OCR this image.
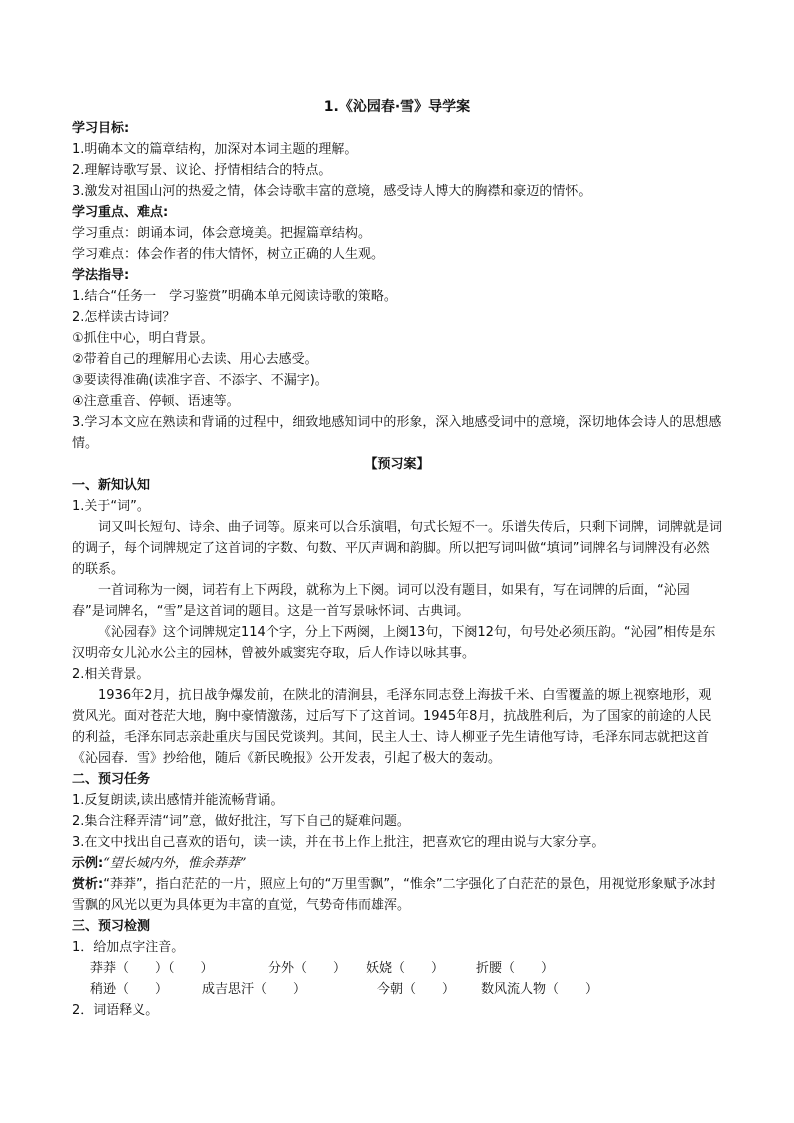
1.《沁园春·雪》导学案

学习目标:

1.明确本文的篇章结构，加深对本词主题的理解。

2.理解诗歌写景、议论、抒情相结合的特点。

3.激发对祖国山河的热爱之情，体会诗歌丰富的意境，感受诗人博大的胸襟和豪迈的情怀。

学习重点、难点:

学习重点：朗诵本词，体会意境美。把握篇章结构。

学习难点：体会作者的伟大情怀，树立正确的人生观。

学法指导:

1.结合“任务一　学习鉴赏”明确本单元阅读诗歌的策略。

2.怎样读古诗词？

①抓住中心，明白背景。

②带着自己的理解用心去读、用心去感受。

③要读得准确(读准字音、不添字、不漏字)。

④注意重音、停顿、语速等。

3.学习本文应在熟读和背诵的过程中，细致地感知词中的形象，深入地感受词中的意境，深切地体会诗人的思想感情。

【预习案】

一、新知认知

1.关于“词”。

词又叫长短句、诗余、曲子词等。原来可以合乐演唱，句式长短不一。乐谱失传后，只剩下词牌，词牌就是词的调子，每个词牌规定了这首词的字数、句数、平仄声调和韵脚。所以把写词叫做“填词”词牌名与词牌没有必然的联系。

一首词称为一阕，词若有上下两段，就称为上下阕。词可以没有题目，如果有，写在词牌的后面，“沁园春”是词牌名，“雪”是这首词的题目。这是一首写景咏怀词、古典词。

《沁园春》这个词牌规定114个字，分上下两阕，上阕13句，下阕12句，句号处必须压韵。“沁园”相传是东汉明帝女儿沁水公主的园林，曾被外戚窦宪夺取，后人作诗以咏其事。

2.相关背景。

1936年2月，抗日战争爆发前，在陕北的清涧县，毛泽东同志登上海拔千米、白雪覆盖的塬上视察地形，观赏风光。面对苍茫大地，胸中豪情激荡，过后写下了这首词。1945年8月，抗战胜利后，为了国家的前途的人民的利益，毛泽东同志亲赴重庆与国民党谈判。其间，民主人士、诗人柳亚子先生请他写诗，毛泽东同志就把这首《沁园春．雪》抄给他，随后《新民晚报》公开发表，引起了极大的轰动。

二、预习任务

1.反复朗读,读出感情并能流畅背诵。

2.集合注释弄清“词”意，做好批注，写下自己的疑难问题。

3.在文中找出自己喜欢的语句，读一读，并在书上作上批注，把喜欢它的理由说与大家分享。

示例:“望长城内外，惟余莽莽”

赏析:“莽莽”，指白茫茫的一片，照应上句的“万里雪飘”，“惟余”二字强化了白茫茫的景色，用视觉形象赋予冰封雪飘的风光以更为具体更为丰富的直觉，气势奇伟而雄浑。

三、预习检测

1．给加点字注音。

莽莽（　　）（　　）	分外（　　） 妖娆（　　） 折腰（　　）

稍逊（　　）	成吉思汗（　　）	今朝（　　） 数风流人物（　　）

2．词语释义。
